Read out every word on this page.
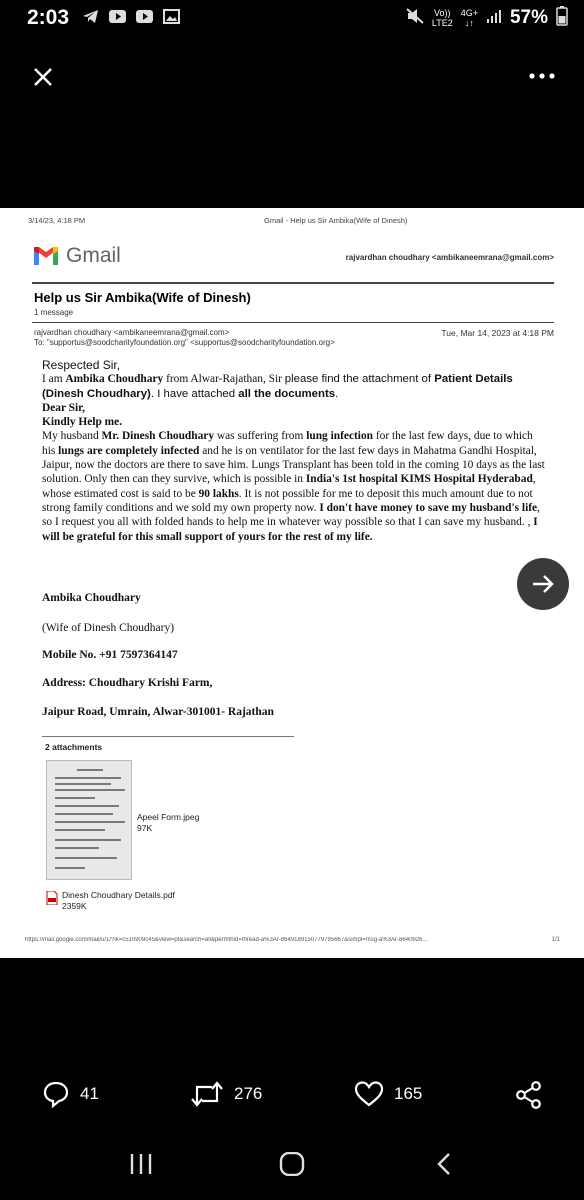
2:03	Vo))
LTE2
4G+
↓↑ 57%
3/14/23, 4:18 PM	Gmail - Help us Sir Ambika(Wife of Dinesh)
Gmail	rajvardhan choudhary <ambikaneemrana@gmail.com>
Help us Sir Ambika(Wife of Dinesh)
1 message
rajvardhan choudhary <ambikaneemrana@gmail.com>
To: "supportus@soodcharityfoundation.org" <supportus@soodcharityfoundation.org>
Tue, Mar 14, 2023 at 4:18 PM

Respected Sir,

I am Ambika Choudhary from Alwar-Rajathan, Sir please find the attachment of Patient Details (Dinesh Choudhary). I have attached all the documents.

Dear Sir,

Kindly Help me.

My husband Mr. Dinesh Choudhary was suffering from lung infection for the last few days, due to which his lungs are completely infected and he is on ventilator for the last few days in Mahatma Gandhi Hospital, Jaipur, now the doctors are there to save him. Lungs Transplant has been told in the coming 10 days as the last solution. Only then can they survive, which is possible in India's 1st hospital KIMS Hospital Hyderabad, whose estimated cost is said to be 90 lakhs. It is not possible for me to deposit this much amount due to not strong family conditions and we sold my own property now. I don't have money to save my husband's life, so I request you all with folded hands to help me in whatever way possible so that I can save my husband. , I will be grateful for this small support of yours for the rest of my life.

Ambika Choudhary
(Wife of Dinesh Choudhary)
Mobile No. +91 7597364147
Address: Choudhary Krishi Farm,
Jaipur Road, Umrain, Alwar-301001- Rajathan
2 attachments
Apeel Form.jpeg
97K
Dinesh Choudhary Details.pdf
2359K
https://mail.google.com/mail/u/1/?ik=c510909c45&view=pt&search=all&permthid=thread-a%3Ar-8649189150779795667&simpl=msg-a%3Ar-8640926...	1/1
41	276	165
